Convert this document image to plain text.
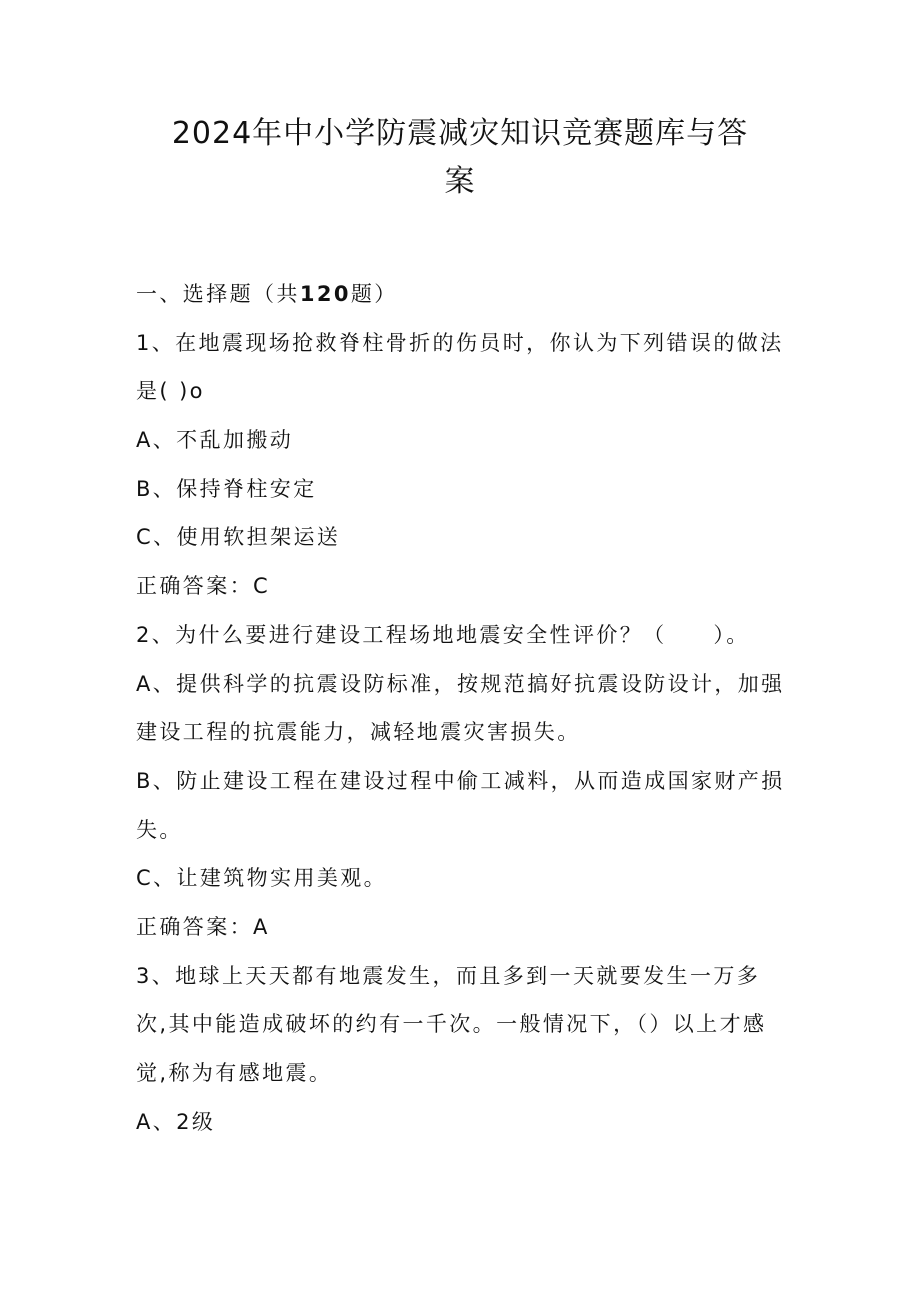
2024年中小学防震减灾知识竞赛题库与答
案
一、选择题（共120题）
1、在地震现场抢救脊柱骨折的伤员时，你认为下列错误的做法
是( )o
A、不乱加搬动
B、保持脊柱安定
C、使用软担架运送
正确答案：C
2、为什么要进行建设工程场地地震安全性评价？（　　）。
A、提供科学的抗震设防标准，按规范搞好抗震设防设计，加强
建设工程的抗震能力，减轻地震灾害损失。
B、防止建设工程在建设过程中偷工减料，从而造成国家财产损
失。
C、让建筑物实用美观。
正确答案：A
3、地球上天天都有地震发生，而且多到一天就要发生一万多
次,其中能造成破坏的约有一千次。一般情况下，（）以上才感
觉,称为有感地震。
A、2级
